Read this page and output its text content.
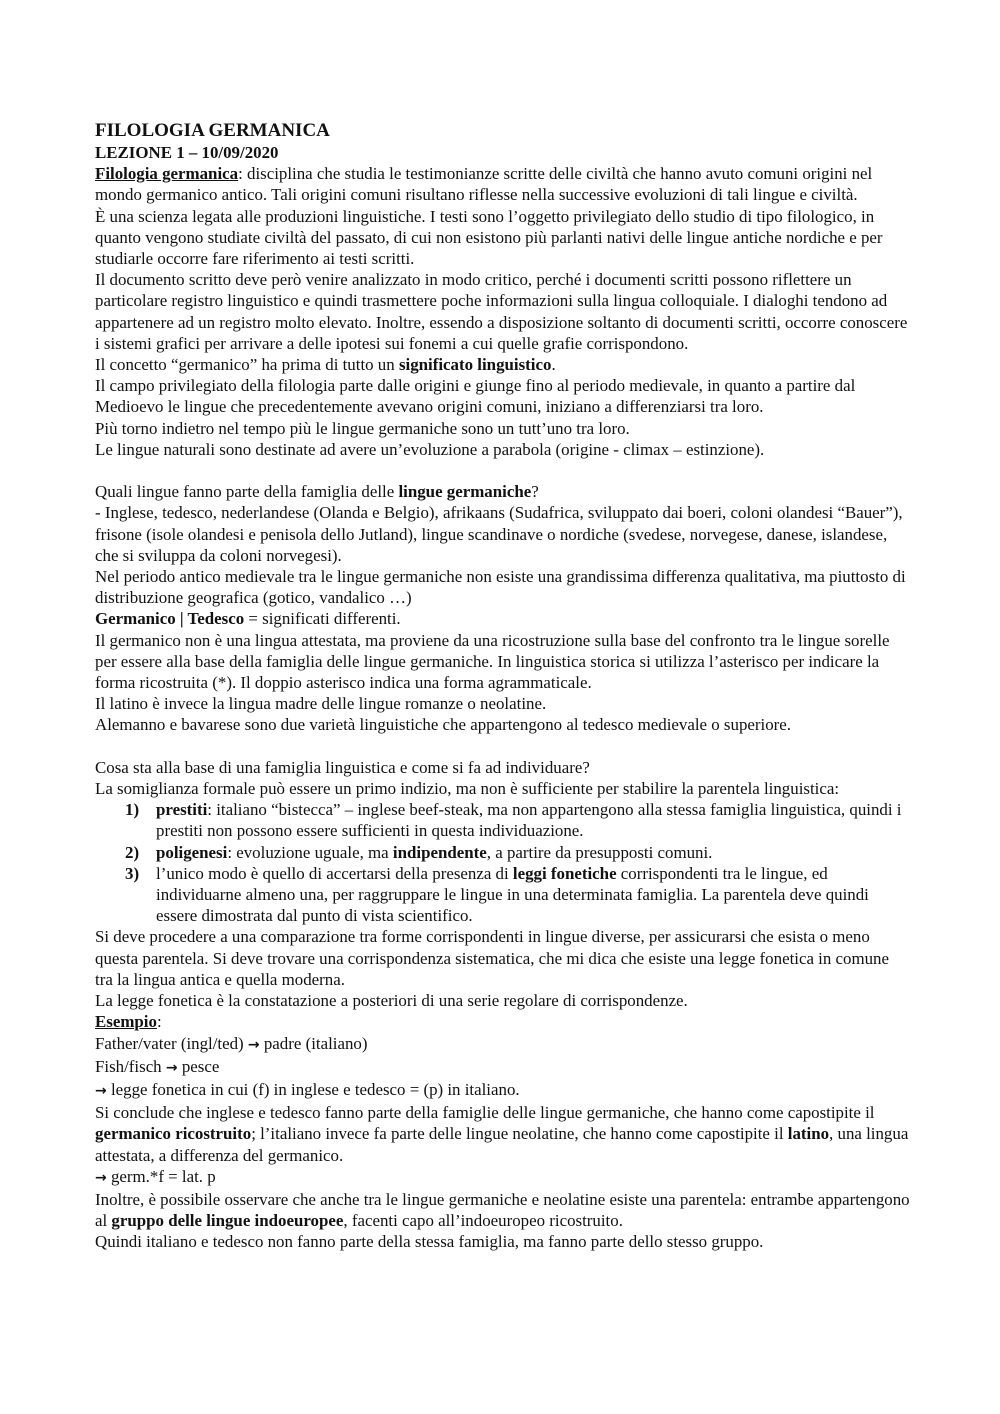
FILOLOGIA GERMANICA

LEZIONE 1 – 10/09/2020

Filologia germanica: disciplina che studia le testimonianze scritte delle civiltà che hanno avuto comuni origini nel mondo germanico antico. Tali origini comuni risultano riflesse nella successive evoluzioni di tali lingue e civiltà.

È una scienza legata alle produzioni linguistiche. I testi sono l’oggetto privilegiato dello studio di tipo filologico, in quanto vengono studiate civiltà del passato, di cui non esistono più parlanti nativi delle lingue antiche nordiche e per studiarle occorre fare riferimento ai testi scritti.

Il documento scritto deve però venire analizzato in modo critico, perché i documenti scritti possono riflettere un particolare registro linguistico e quindi trasmettere poche informazioni sulla lingua colloquiale. I dialoghi tendono ad appartenere ad un registro molto elevato. Inoltre, essendo a disposizione soltanto di documenti scritti, occorre conoscere i sistemi grafici per arrivare a delle ipotesi sui fonemi a cui quelle grafie corrispondono.

Il concetto “germanico” ha prima di tutto un significato linguistico.

Il campo privilegiato della filologia parte dalle origini e giunge fino al periodo medievale, in quanto a partire dal Medioevo le lingue che precedentemente avevano origini comuni, iniziano a differenziarsi tra loro.

Più torno indietro nel tempo più le lingue germaniche sono un tutt’uno tra loro.

Le lingue naturali sono destinate ad avere un’evoluzione a parabola (origine - climax – estinzione).

Quali lingue fanno parte della famiglia delle lingue germaniche?

- Inglese, tedesco, nederlandese (Olanda e Belgio), afrikaans (Sudafrica, sviluppato dai boeri, coloni olandesi “Bauer”), frisone (isole olandesi e penisola dello Jutland), lingue scandinave o nordiche (svedese, norvegese, danese, islandese, che si sviluppa da coloni norvegesi).

Nel periodo antico medievale tra le lingue germaniche non esiste una grandissima differenza qualitativa, ma piuttosto di distribuzione geografica (gotico, vandalico …)

Germanico | Tedesco = significati differenti.

Il germanico non è una lingua attestata, ma proviene da una ricostruzione sulla base del confronto tra le lingue sorelle per essere alla base della famiglia delle lingue germaniche. In linguistica storica si utilizza l’asterisco per indicare la forma ricostruita (*). Il doppio asterisco indica una forma agrammaticale.

Il latino è invece la lingua madre delle lingue romanze o neolatine.

Alemanno e bavarese sono due varietà linguistiche che appartengono al tedesco medievale o superiore.

Cosa sta alla base di una famiglia linguistica e come si fa ad individuare?

La somiglianza formale può essere un primo indizio, ma non è sufficiente per stabilire la parentela linguistica:

1) prestiti: italiano “bistecca” – inglese beef-steak, ma non appartengono alla stessa famiglia linguistica, quindi i prestiti non possono essere sufficienti in questa individuazione.
2) poligenesi: evoluzione uguale, ma indipendente, a partire da presupposti comuni.
3) l’unico modo è quello di accertarsi della presenza di leggi fonetiche corrispondenti tra le lingue, ed individuarne almeno una, per raggruppare le lingue in una determinata famiglia. La parentela deve quindi essere dimostrata dal punto di vista scientifico.

Si deve procedere a una comparazione tra forme corrispondenti in lingue diverse, per assicurarsi che esista o meno questa parentela. Si deve trovare una corrispondenza sistematica, che mi dica che esiste una legge fonetica in comune tra la lingua antica e quella moderna.

La legge fonetica è la constatazione a posteriori di una serie regolare di corrispondenze.

Esempio:

Father/vater (ingl/ted) → padre (italiano)

Fish/fisch → pesce

→ legge fonetica in cui (f) in inglese e tedesco = (p) in italiano.

Si conclude che inglese e tedesco fanno parte della famiglie delle lingue germaniche, che hanno come capostipite il germanico ricostruito; l’italiano invece fa parte delle lingue neolatine, che hanno come capostipite il latino, una lingua attestata, a differenza del germanico.

→ germ.*f = lat. p

Inoltre, è possibile osservare che anche tra le lingue germaniche e neolatine esiste una parentela: entrambe appartengono al gruppo delle lingue indoeuropee, facenti capo all’indoeuropeo ricostruito.

Quindi italiano e tedesco non fanno parte della stessa famiglia, ma fanno parte dello stesso gruppo.
